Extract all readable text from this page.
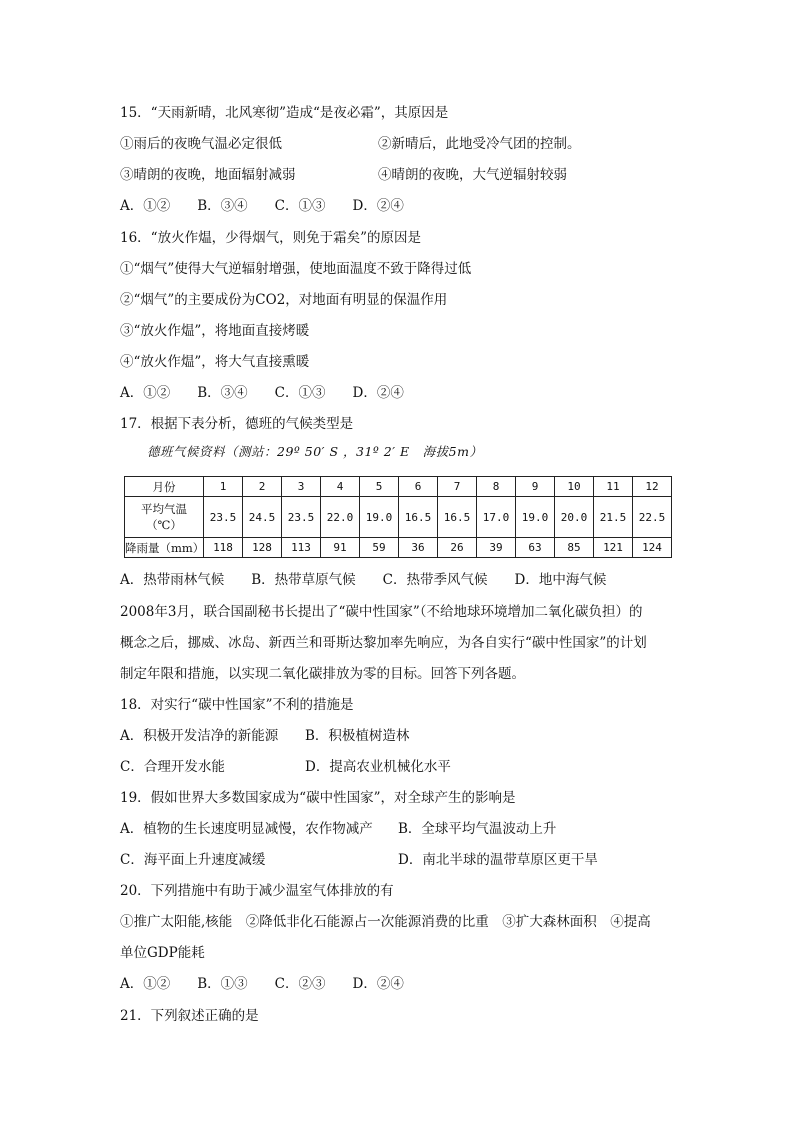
15．“天雨新晴，北风寒彻”造成“是夜必霜”，其原因是
①雨后的夜晚气温必定很低	②新晴后，此地受冷气团的控制。
③晴朗的夜晚，地面辐射减弱	④晴朗的夜晚，大气逆辐射较弱
A．①②　　B．③④　　C．①③　　D．②④
16．“放火作煴，少得烟气，则免于霜矣”的原因是
①“烟气”使得大气逆辐射增强，使地面温度不致于降得过低
②“烟气”的主要成份为CO2，对地面有明显的保温作用
③“放火作煴”，将地面直接烤暖
④“放火作煴”，将大气直接熏暖
A．①②　　B．③④　　C．①③　　D．②④
17．根据下表分析，德班的气候类型是
德班气候资料（测站：29º 50′ S ，31º 2′ E　海拔5m）
月份	1	2	3	4	5	6	7	8	9	10	11	12

平均气温
（℃）	23.5	24.5	23.5	22.0	19.0	16.5	16.5	17.0	19.0	20.0	21.5	22.5
降雨量（mm）	118	128	113	91	59	36	26	39	63	85	121	124
A．热带雨林气候　　B．热带草原气候　　C．热带季风气候　　D．地中海气候
2008年3月，联合国副秘书长提出了“碳中性国家”（不给地球环境增加二氧化碳负担）的
概念之后，挪威、冰岛、新西兰和哥斯达黎加率先响应，为各自实行“碳中性国家”的计划
制定年限和措施，以实现二氧化碳排放为零的目标。回答下列各题。
18．对实行“碳中性国家”不利的措施是
A．积极开发洁净的新能源 B．积极植树造林
C．合理开发水能	D．提高农业机械化水平
19．假如世界大多数国家成为“碳中性国家”，对全球产生的影响是
A．植物的生长速度明显减慢，农作物减产 B．全球平均气温波动上升
C．海平面上升速度减缓	D．南北半球的温带草原区更干旱
20．下列措施中有助于减少温室气体排放的有
①推广太阳能,核能　②降低非化石能源占一次能源消费的比重　③扩大森林面积　④提高
单位GDP能耗
A．①②　　B．①③　　C．②③　　D．②④
21．下列叙述正确的是
